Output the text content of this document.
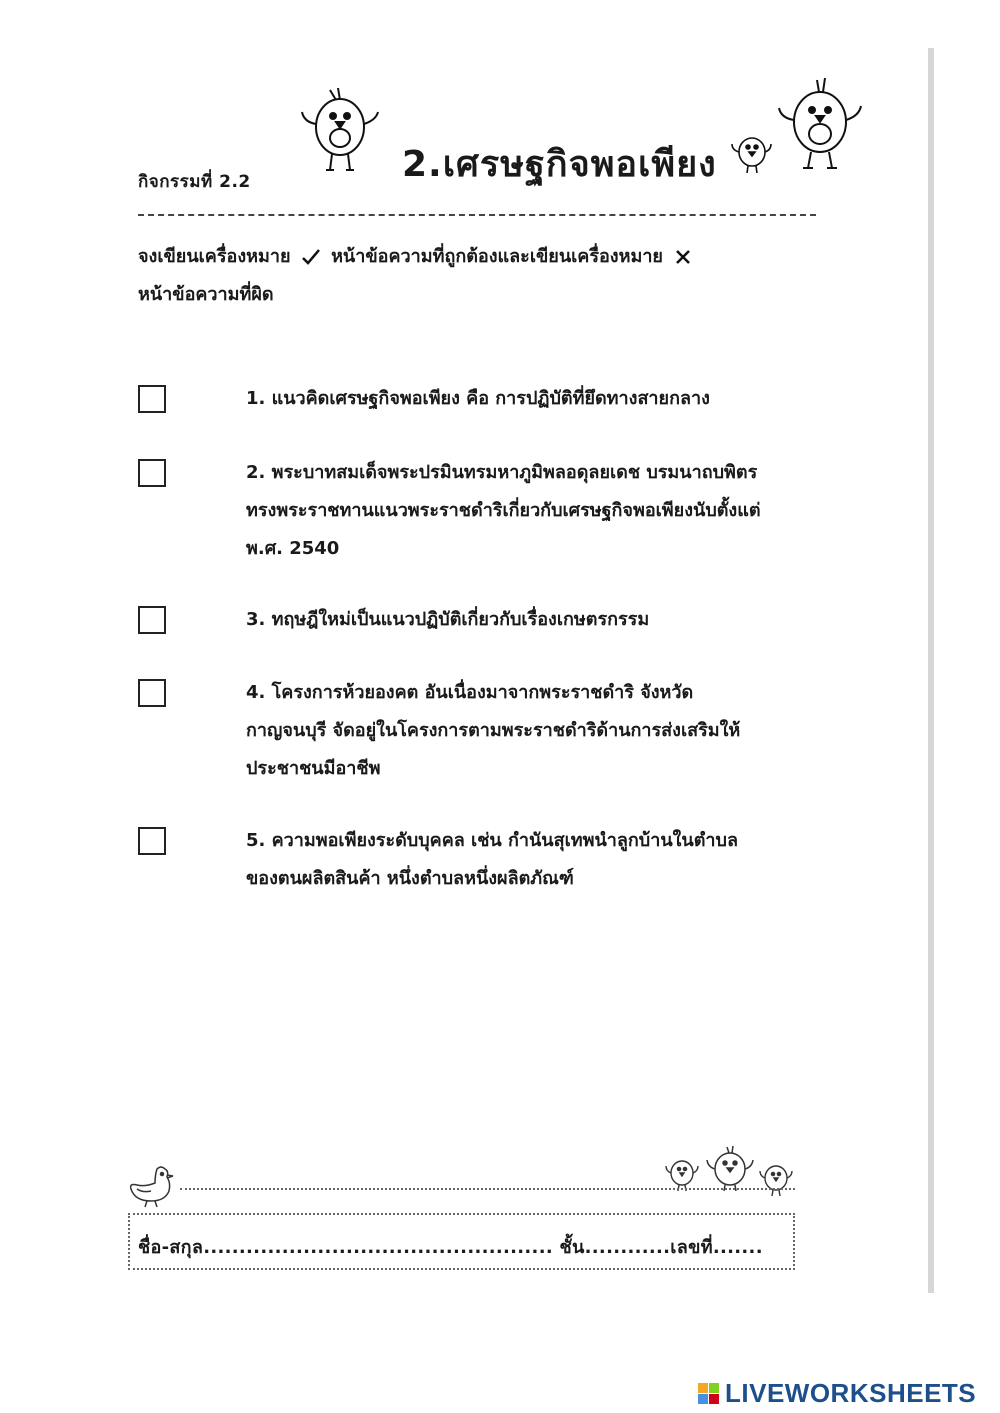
กิจกรรมที่ 2.2	2.เศรษฐกิจพอเพียง
จงเขียนเครื่องหมาย หน้าข้อความที่ถูกต้องและเขียนเครื่องหมาย
หน้าข้อความที่ผิด
1. แนวคิดเศรษฐกิจพอเพียง คือ การปฏิบัติที่ยึดทางสายกลาง
2. พระบาทสมเด็จพระปรมินทรมหาภูมิพลอดุลยเดช บรมนาถบพิตร
ทรงพระราชทานแนวพระราชดำริเกี่ยวกับเศรษฐกิจพอเพียงนับตั้งแต่
พ.ศ. 2540
3. ทฤษฎีใหม่เป็นแนวปฏิบัติเกี่ยวกับเรื่องเกษตรกรรม
4. โครงการห้วยองคต อันเนื่องมาจากพระราชดำริ จังหวัด
กาญจนบุรี จัดอยู่ในโครงการตามพระราชดำริด้านการส่งเสริมให้
ประชาชนมีอาชีพ
5. ความพอเพียงระดับบุคคล เช่น กำนันสุเทพนำลูกบ้านในตำบล
ของตนผลิตสินค้า หนึ่งตำบลหนึ่งผลิตภัณฑ์
ชื่อ-สกุล................................................. ชั้น............เลขที่.......
LIVEWORKSHEETS
